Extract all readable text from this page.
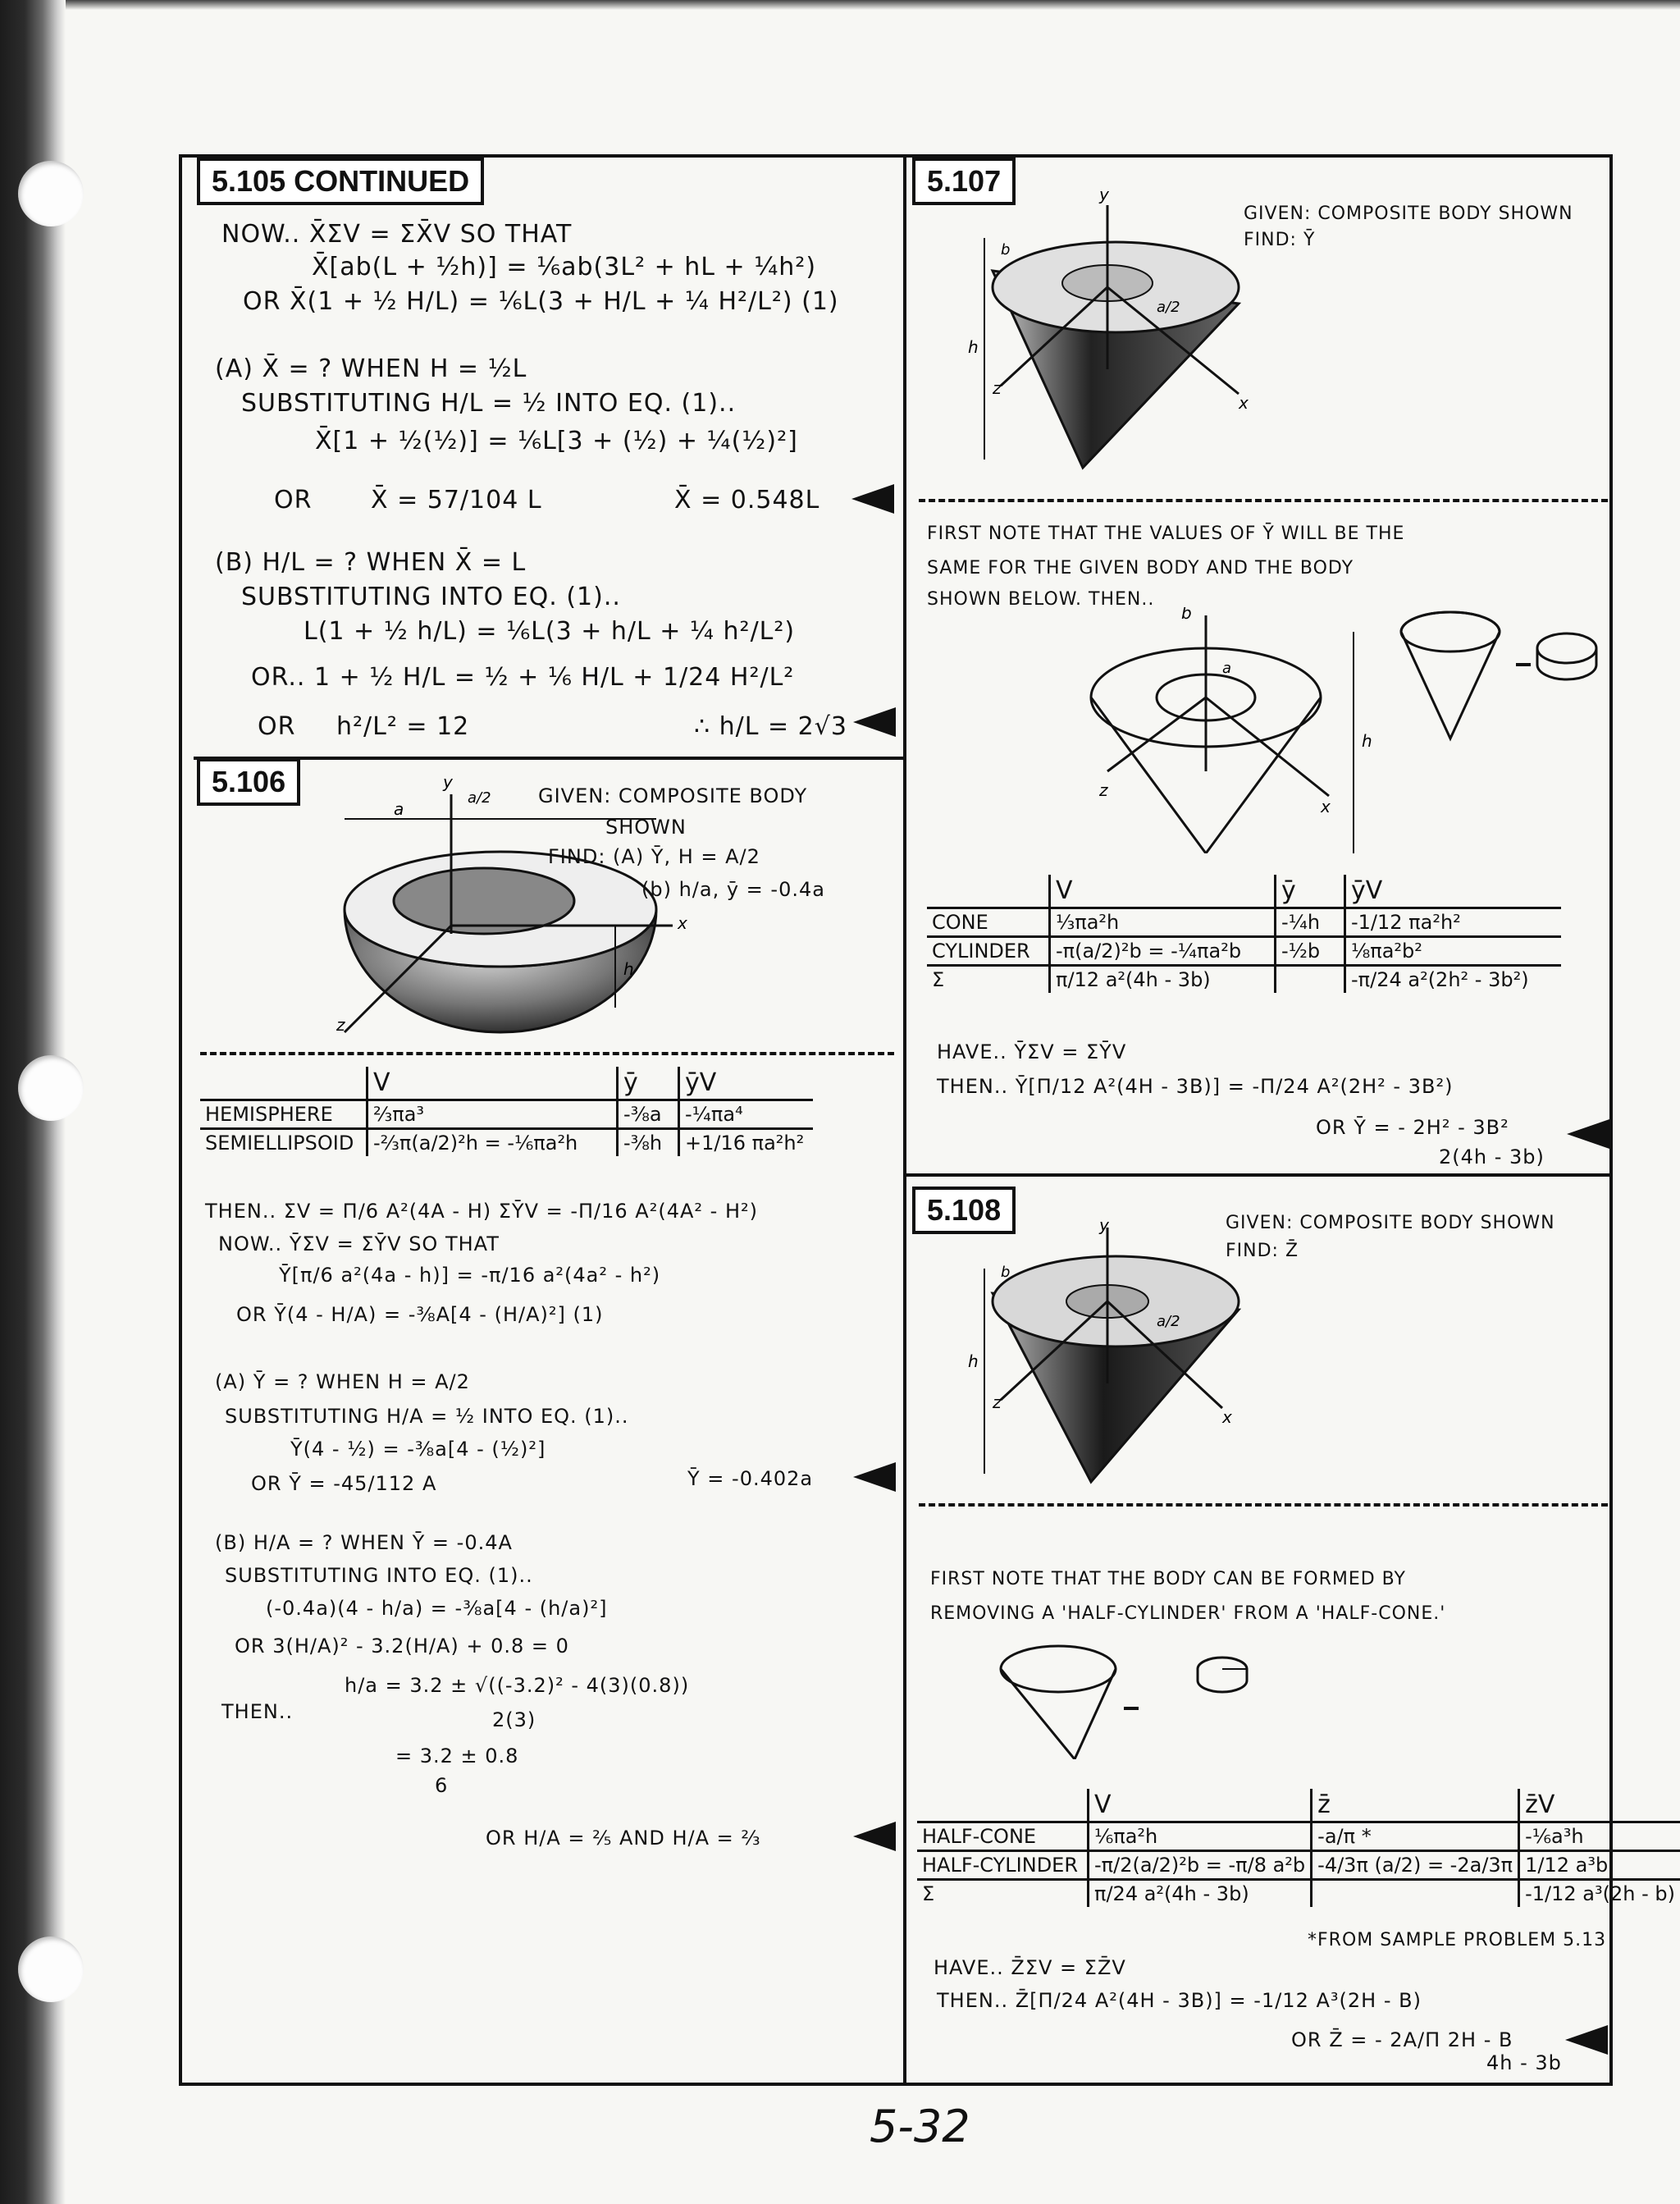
5.105 CONTINUED
NOW.. X̄ΣV = ΣX̄V SO THAT
X̄[ab(L + ½h)] = ⅙ab(3L² + hL + ¼h²)
OR X̄(1 + ½ H/L) = ⅙L(3 + H/L + ¼ H²/L²) (1)
(A) X̄ = ? WHEN H = ½L
SUBSTITUTING H/L = ½ INTO EQ. (1)..
X̄[1 + ½(½)] = ⅙L[3 + (½) + ¼(½)²]
OR X̄ = 57/104 L	X̄ = 0.548L
(B) H/L = ? WHEN X̄ = L
SUBSTITUTING INTO EQ. (1)..
L(1 + ½ h/L) = ⅙L(3 + h/L + ¼ h²/L²)
OR.. 1 + ½ H/L = ½ + ⅙ H/L + 1/24 H²/L²
OR h²/L² = 12	∴ h/L = 2√3
5.106	y
x
z
a
a/2
h
GIVEN: COMPOSITE BODY
SHOWN
FIND: (A) Ȳ, H = A/2
(b) h/a, ȳ = -0.4a
	V	ȳ	ȳV
HEMISPHERE	⅔πa³	-⅜a	-¼πa⁴
SEMIELLIPSOID	-⅔π(a/2)²h = -⅙πa²h	-⅜h	+1/16 πa²h²
THEN.. ΣV = Π/6 A²(4A - H) ΣȲV = -Π/16 A²(4A² - H²)
NOW.. ȲΣV = ΣȲV SO THAT
Ȳ[π/6 a²(4a - h)] = -π/16 a²(4a² - h²)
OR Ȳ(4 - H/A) = -⅜A[4 - (H/A)²] (1)
(A) Ȳ = ? WHEN H = A/2
SUBSTITUTING H/A = ½ INTO EQ. (1)..
Ȳ(4 - ½) = -⅜a[4 - (½)²]
OR Ȳ = -45/112 A	Ȳ = -0.402a
(B) H/A = ? WHEN Ȳ = -0.4A
SUBSTITUTING INTO EQ. (1)..
(-0.4a)(4 - h/a) = -⅜a[4 - (h/a)²]
OR 3(H/A)² - 3.2(H/A) + 0.8 = 0
THEN..
h/a = 3.2 ± √((-3.2)² - 4(3)(0.8))
2(3)
= 3.2 ± 0.8
6
OR H/A = ⅖ AND H/A = ⅔
5.107	y
x
z
h
b
a/2
GIVEN: COMPOSITE BODY SHOWN
FIND: Ȳ
FIRST NOTE THAT THE VALUES OF Ȳ WILL BE THE
SAME FOR THE GIVEN BODY AND THE BODY
SHOWN BELOW. THEN..
b
x
z
h
a
	V	ȳ	ȳV
CONE	⅓πa²h	-¼h	-1/12 πa²h²
CYLINDER	-π(a/2)²b = -¼πa²b	-½b	⅛πa²b²
Σ	π/12 a²(4h - 3b)		-π/24 a²(2h² - 3b²)
HAVE.. ȲΣV = ΣȲV
THEN.. Ȳ[Π/12 A²(4H - 3B)] = -Π/24 A²(2H² - 3B²)
OR Ȳ = - 2H² - 3B²
2(4h - 3b)
5.108	y
x
z
h
b
a/2
GIVEN: COMPOSITE BODY SHOWN
FIND: Z̄
FIRST NOTE THAT THE BODY CAN BE FORMED BY
REMOVING A 'HALF-CYLINDER' FROM A 'HALF-CONE.'
	V	z̄	z̄V
HALF-CONE	⅙πa²h	-a/π *	-⅙a³h
HALF-CYLINDER	-π/2(a/2)²b = -π/8 a²b	-4/3π (a/2) = -2a/3π	1/12 a³b
Σ	π/24 a²(4h - 3b)		-1/12 a³(2h - b)
*FROM SAMPLE PROBLEM 5.13
HAVE.. Z̄ΣV = ΣZ̄V
THEN.. Z̄[Π/24 A²(4H - 3B)] = -1/12 A³(2H - B)
OR Z̄ = - 2A/Π 2H - B
4h - 3b
5-32
